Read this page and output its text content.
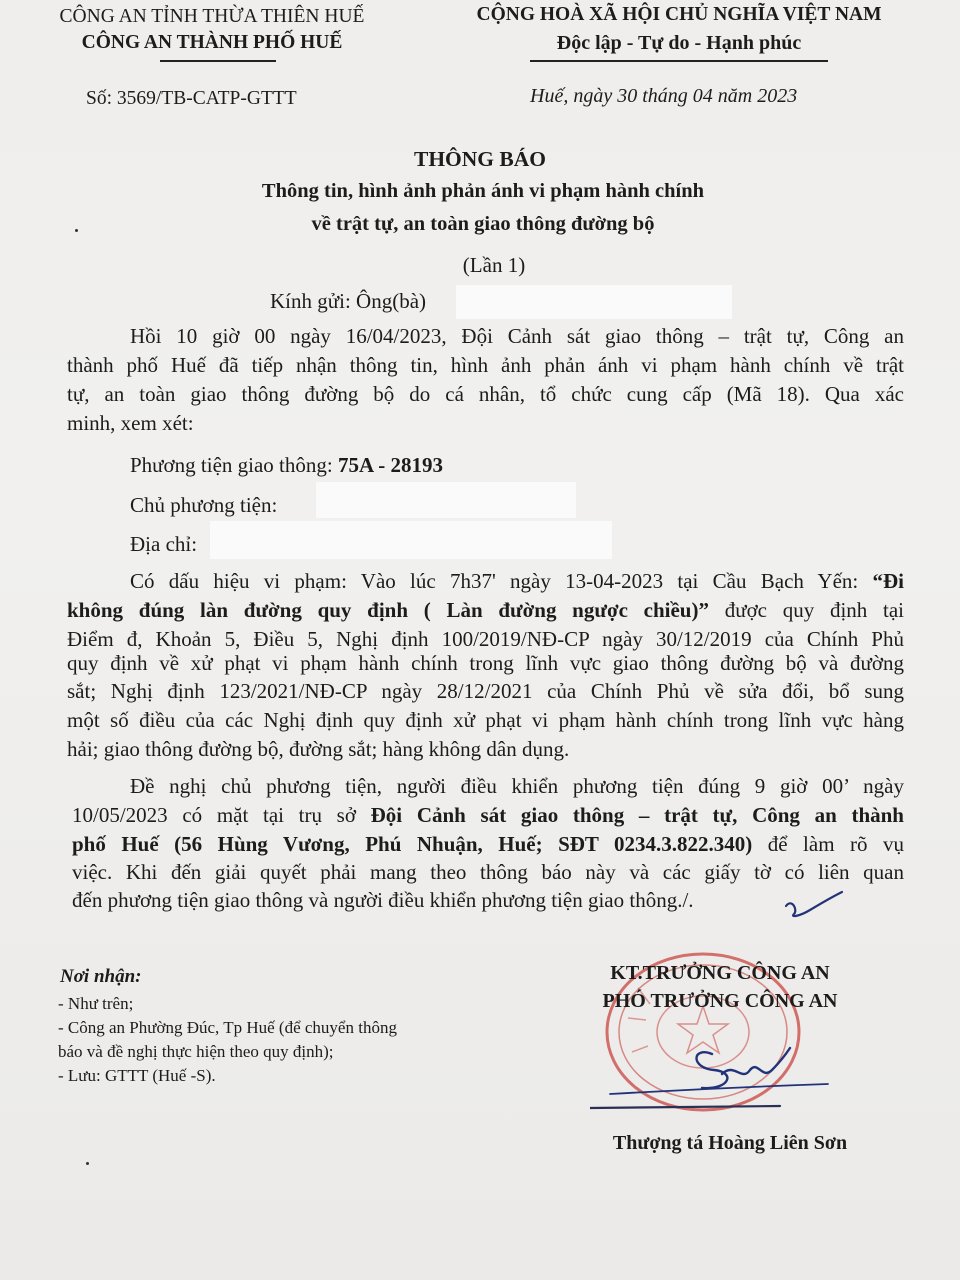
CÔNG AN TỈNH THỪA THIÊN HUẾ
CÔNG AN THÀNH PHỐ HUẾ
CỘNG HOÀ XÃ HỘI CHỦ NGHĨA VIỆT NAM
Độc lập - Tự do - Hạnh phúc
Số: 3569/TB-CATP-GTTT	Huế, ngày 30 tháng 04 năm 2023
THÔNG BÁO
Thông tin, hình ảnh phản ánh vi phạm hành chính
về trật tự, an toàn giao thông đường bộ
(Lần 1)
Kính gửi: Ông(bà)
Hồi 10 giờ 00 ngày 16/04/2023, Đội Cảnh sát giao thông – trật tự, Công an
thành phố Huế đã tiếp nhận thông tin, hình ảnh phản ánh vi phạm hành chính về trật
tự, an toàn giao thông đường bộ do cá nhân, tổ chức cung cấp (Mã 18). Qua xác
minh, xem xét:
Phương tiện giao thông: 75A - 28193
Chủ phương tiện:
Địa chỉ:
Có dấu hiệu vi phạm: Vào lúc 7h37' ngày 13-04-2023 tại Cầu Bạch Yến: “Đi
không đúng làn đường quy định ( Làn đường ngược chiều)” được quy định tại
Điểm đ, Khoản 5, Điều 5, Nghị định 100/2019/NĐ-CP ngày 30/12/2019 của Chính Phủ
quy định về xử phạt vi phạm hành chính trong lĩnh vực giao thông đường bộ và đường
sắt; Nghị định 123/2021/NĐ-CP ngày 28/12/2021 của Chính Phủ về sửa đổi, bổ sung
một số điều của các Nghị định quy định xử phạt vi phạm hành chính trong lĩnh vực hàng
hải; giao thông đường bộ, đường sắt; hàng không dân dụng.
Đề nghị chủ phương tiện, người điều khiển phương tiện đúng 9 giờ 00’ ngày
10/05/2023 có mặt tại trụ sở Đội Cảnh sát giao thông – trật tự, Công an thành
phố Huế (56 Hùng Vương, Phú Nhuận, Huế; SĐT 0234.3.822.340) để làm rõ vụ
việc. Khi đến giải quyết phải mang theo thông báo này và các giấy tờ có liên quan
đến phương tiện giao thông và người điều khiển phương tiện giao thông./.
Nơi nhận:
- Như trên;
- Công an Phường Đúc, Tp Huế (để chuyển thông
báo và đề nghị thực hiện theo quy định);
- Lưu: GTTT (Huế -S).
KT.TRƯỞNG CÔNG AN
PHÓ TRƯỞNG CÔNG AN
Thượng tá Hoàng Liên Sơn
